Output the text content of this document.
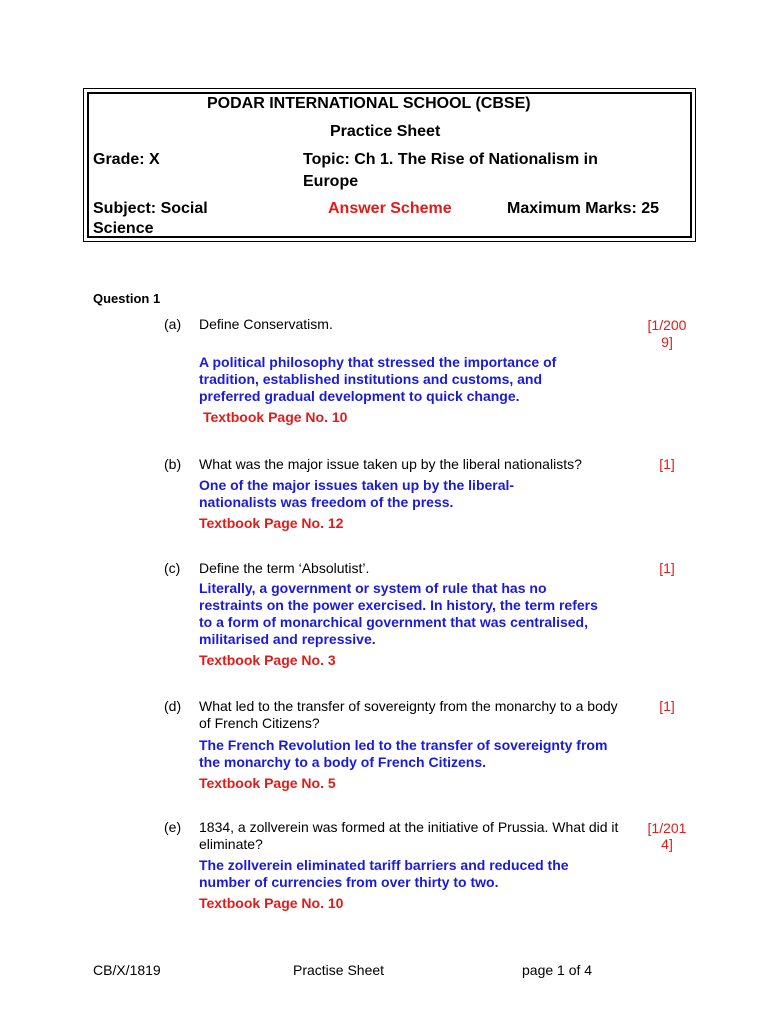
PODAR INTERNATIONAL SCHOOL (CBSE)
Practice Sheet
Grade: X	Topic: Ch 1. The Rise of Nationalism in
Europe
Subject: Social
Science
Answer Scheme	Maximum Marks: 25
Question 1
(a) Define Conservatism.	[1/200
9]
A political philosophy that stressed the importance of tradition, established institutions and customs, and preferred gradual development to quick change.
Textbook Page No. 10
(b) What was the major issue taken up by the liberal nationalists?	[1]
One of the major issues taken up by the liberal-nationalists was freedom of the press.
Textbook Page No. 12
(c) Define the term ‘Absolutist’.	[1]
Literally, a government or system of rule that has no restraints on the power exercised. In history, the term refers to a form of monarchical government that was centralised, militarised and repressive.
Textbook Page No. 3
(d) What led to the transfer of sovereignty from the monarchy to a body of French Citizens?
[1]
The French Revolution led to the transfer of sovereignty from the monarchy to a body of French Citizens.
Textbook Page No. 5
(e) 1834, a zollverein was formed at the initiative of Prussia. What did it eliminate?
[1/201
4]
The zollverein eliminated tariff barriers and reduced the number of currencies from over thirty to two.
Textbook Page No. 10
CB/X/1819	Practise Sheet	page 1 of 4
